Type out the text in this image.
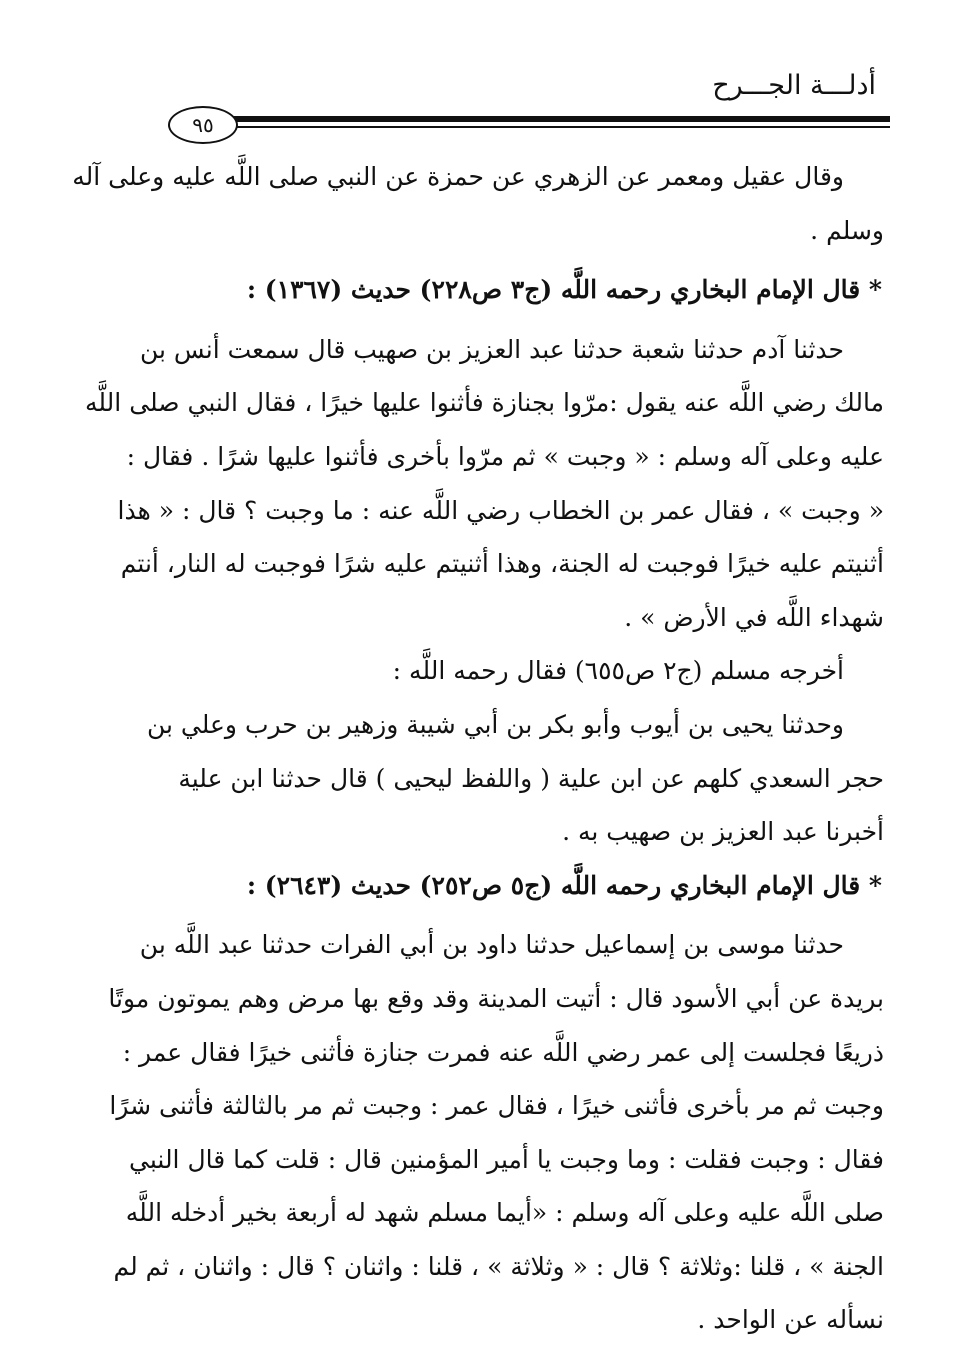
أدلـــة الجـــرح
٩٥
وقال عقيل ومعمر عن الزهري عن حمزة عن النبي صلى اللَّه عليه وعلى آله
وسلم .
* قال الإمام البخاري رحمه اللَّه (ج٣ ص٢٢٨) حديث (١٣٦٧) :
حدثنا آدم حدثنا شعبة حدثنا عبد العزيز بن صهيب قال سمعت أنس بن
مالك رضي اللَّه عنه يقول :مرّوا بجنازة فأثنوا عليها خيرًا ، فقال النبي صلى اللَّه
عليه وعلى آله وسلم : « وجبت » ثم مرّوا بأخرى فأثنوا عليها شرًا . فقال :
« وجبت » ، فقال عمر بن الخطاب رضي اللَّه عنه : ما وجبت ؟ قال : « هذا
أثنيتم عليه خيرًا فوجبت له الجنة، وهذا أثنيتم عليه شرًا فوجبت له النار، أنتم
شهداء اللَّه في الأرض » .
أخرجه مسلم (ج٢ ص٦٥٥) فقال رحمه اللَّه :
وحدثنا يحيى بن أيوب وأبو بكر بن أبي شيبة وزهير بن حرب وعلي بن
حجر السعدي كلهم عن ابن علية ( واللفظ ليحيى ) قال حدثنا ابن علية
أخبرنا عبد العزيز بن صهيب به .
* قال الإمام البخاري رحمه اللَّه (ج٥ ص٢٥٢) حديث (٢٦٤٣) :
حدثنا موسى بن إسماعيل حدثنا داود بن أبي الفرات حدثنا عبد اللَّه بن
بريدة عن أبي الأسود قال : أتيت المدينة وقد وقع بها مرض وهم يموتون موتًا
ذريعًا فجلست إلى عمر رضي اللَّه عنه فمرت جنازة فأثنى خيرًا فقال عمر :
وجبت ثم مر بأخرى فأثنى خيرًا ، فقال عمر : وجبت ثم مر بالثالثة فأثنى شرًا
فقال : وجبت فقلت : وما وجبت يا أمير المؤمنين قال : قلت كما قال النبي
صلى اللَّه عليه وعلى آله وسلم : «أيما مسلم شهد له أربعة بخير أدخله اللَّه
الجنة » ، قلنا :وثلاثة ؟ قال : « وثلاثة » ، قلنا : واثنان ؟ قال : واثنان ، ثم لم
نسأله عن الواحد .
